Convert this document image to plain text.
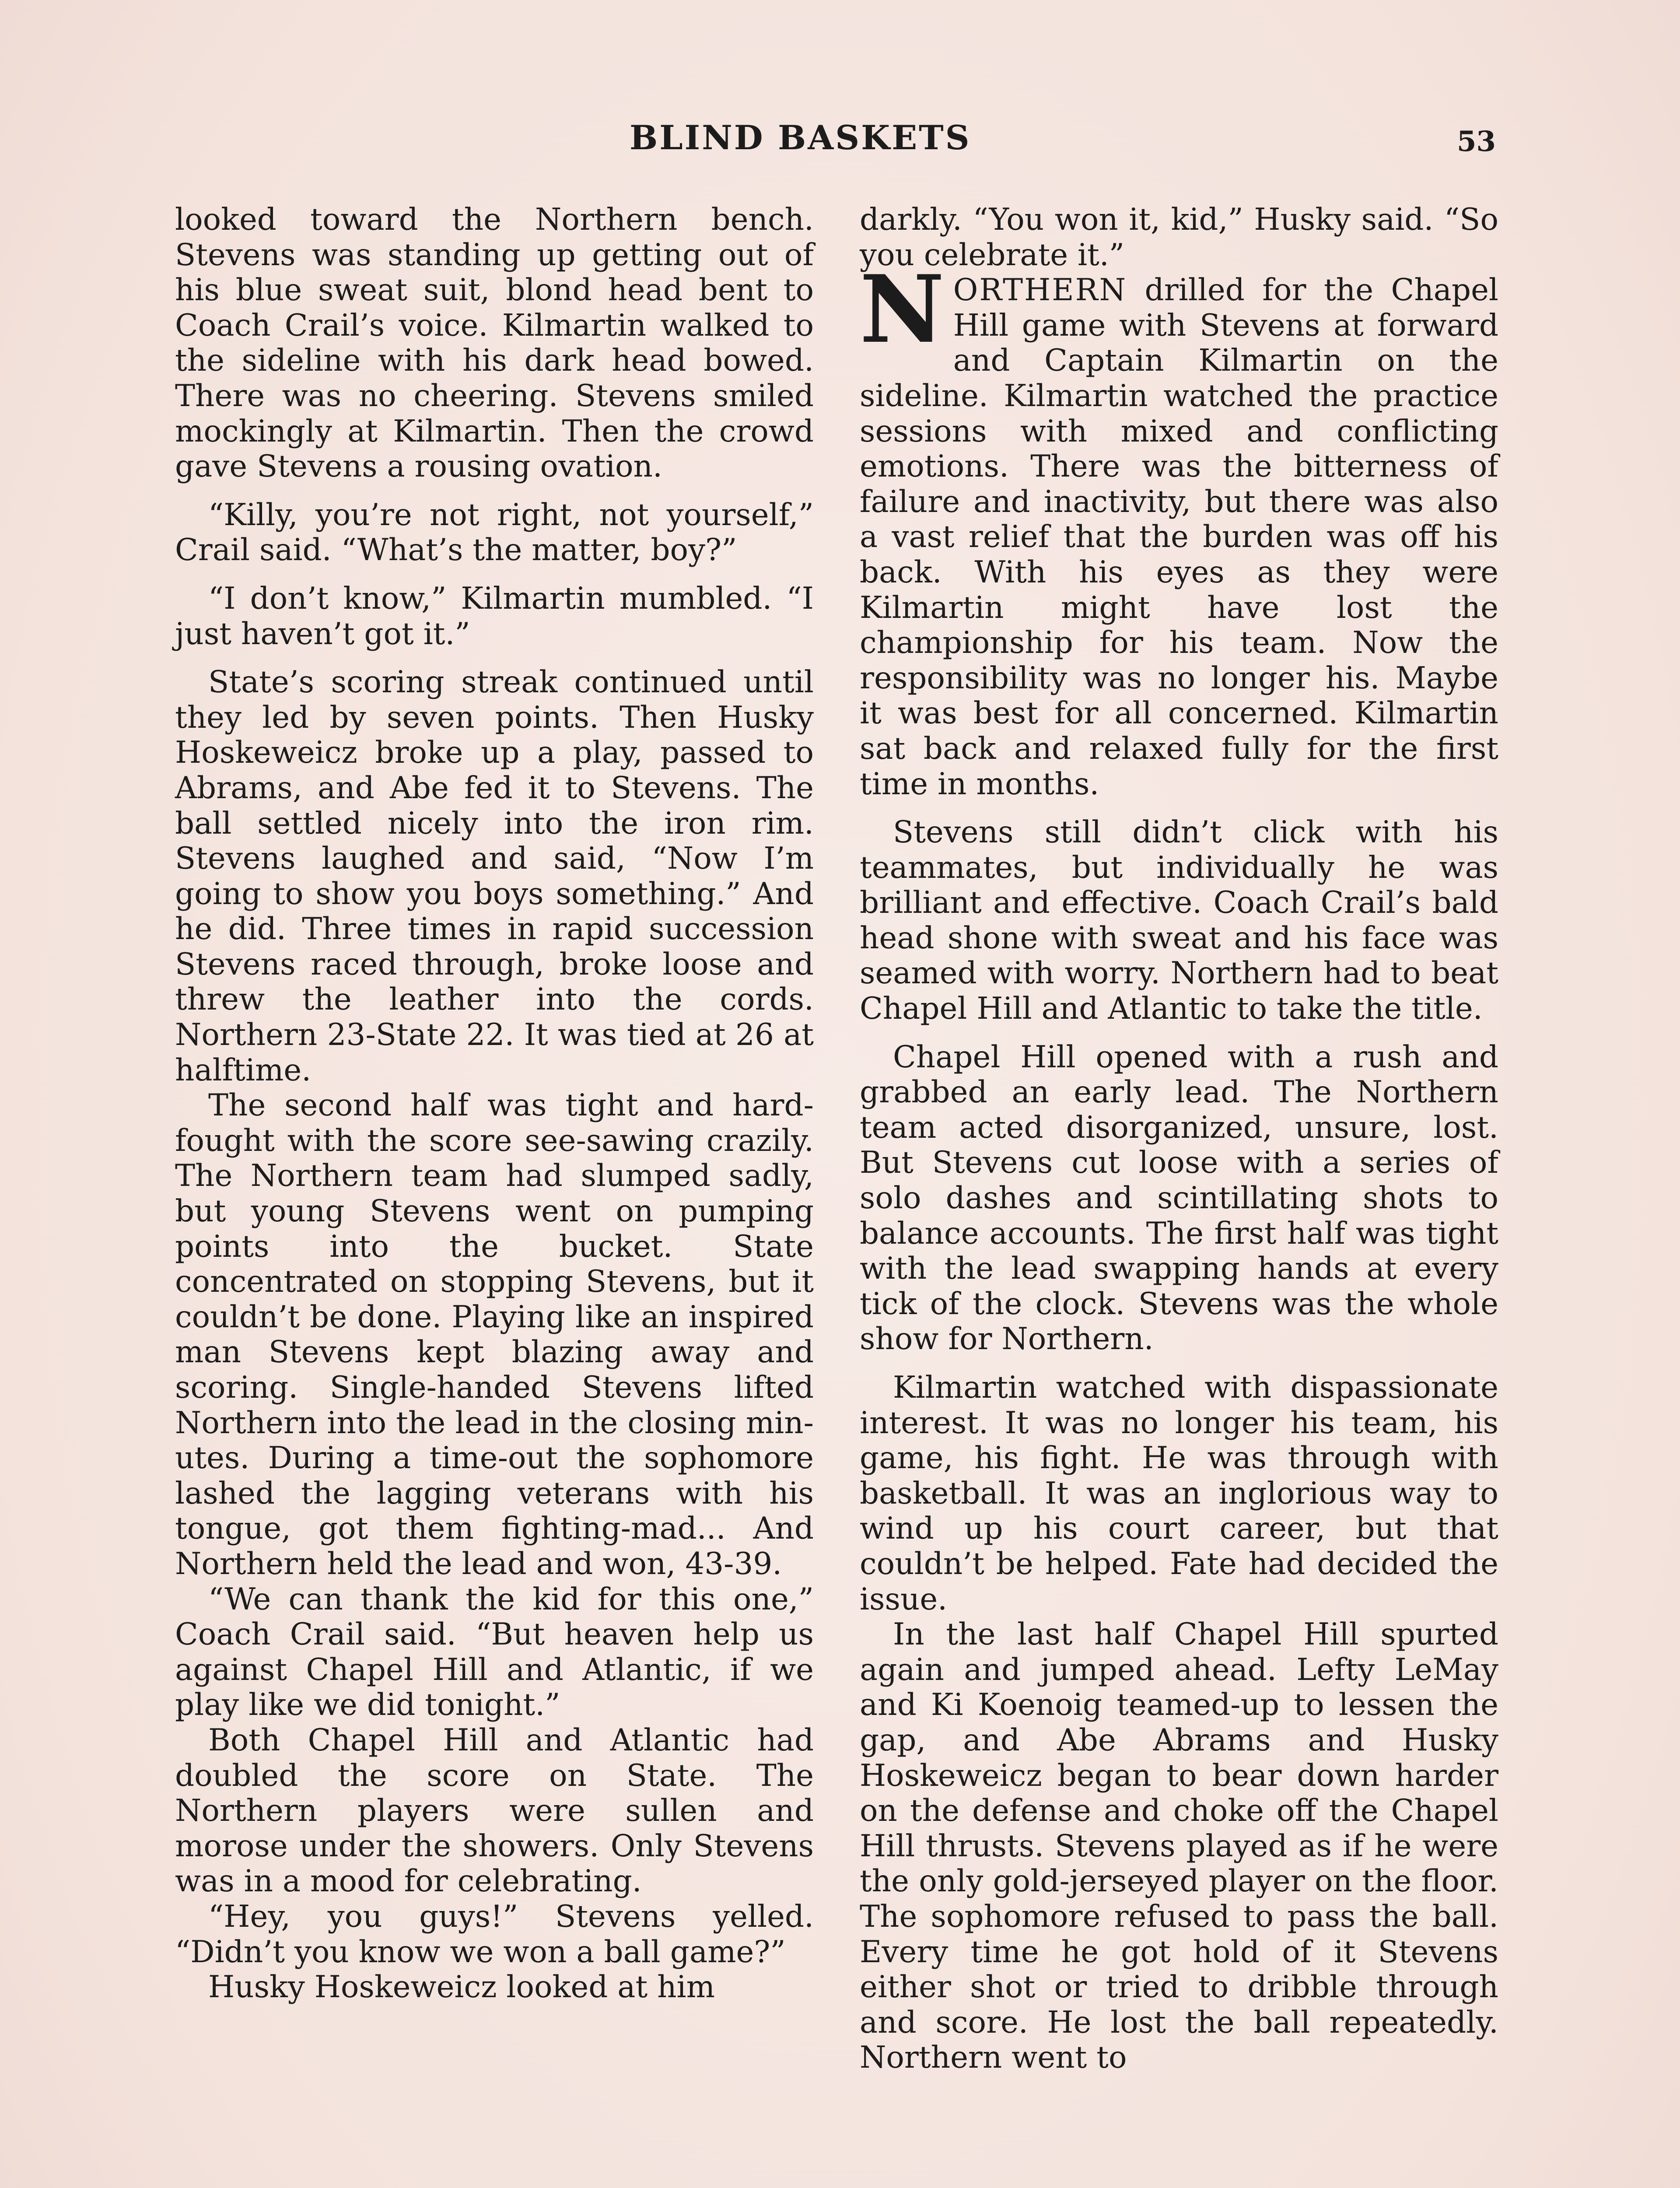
BLIND BASKETS	53

looked toward the Northern bench. Stevens was standing up getting out of his blue sweat suit, blond head bent to Coach Crail’s voice. Kilmartin walked to the sideline with his dark head bowed. There was no cheering. Stevens smiled mockingly at Kilmartin. Then the crowd gave Stevens a rousing ovation.

“Killy, you’re not right, not yourself,” Crail said. “What’s the matter, boy?”

“I don’t know,” Kilmartin mumbled. “I just haven’t got it.”

State’s scoring streak continued until they led by seven points. Then Husky Hoskeweicz broke up a play, passed to Abrams, and Abe fed it to Stevens. The ball settled nicely into the iron rim. Stevens laughed and said, “Now I’m going to show you boys something.” And he did. Three times in rapid succession Stevens raced through, broke loose and threw the leather into the cords. Northern 23-State 22. It was tied at 26 at halftime.

The second half was tight and hard-fought with the score see-sawing crazily. The Northern team had slumped sadly, but young Stevens went on pumping points into the bucket. State concentrated on stopping Stevens, but it couldn’t be done. Playing like an inspired man Stevens kept blazing away and scoring. Single-handed Stevens lifted Northern into the lead in the closing minutes. During a time-out the sophomore lashed the lagging veterans with his tongue, got them fighting-mad... And Northern held the lead and won, 43-39.

“We can thank the kid for this one,” Coach Crail said. “But heaven help us against Chapel Hill and Atlantic, if we play like we did tonight.”

Both Chapel Hill and Atlantic had doubled the score on State. The Northern players were sullen and morose under the showers. Only Stevens was in a mood for celebrating.

“Hey, you guys!” Stevens yelled. “Didn’t you know we won a ball game?”

Husky Hoskeweicz looked at him

darkly. “You won it, kid,” Husky said. “So you celebrate it.”

NORTHERN drilled for the Chapel Hill game with Stevens at forward and Captain Kilmartin on the sideline. Kilmartin watched the practice sessions with mixed and conflicting emotions. There was the bitterness of failure and inactivity, but there was also a vast relief that the burden was off his back. With his eyes as they were Kilmartin might have lost the championship for his team. Now the responsibility was no longer his. Maybe it was best for all concerned. Kilmartin sat back and relaxed fully for the first time in months.

Stevens still didn’t click with his teammates, but individually he was brilliant and effective. Coach Crail’s bald head shone with sweat and his face was seamed with worry. Northern had to beat Chapel Hill and Atlantic to take the title.

Chapel Hill opened with a rush and grabbed an early lead. The Northern team acted disorganized, unsure, lost. But Stevens cut loose with a series of solo dashes and scintillating shots to balance accounts. The first half was tight with the lead swapping hands at every tick of the clock. Stevens was the whole show for Northern.

Kilmartin watched with dispassionate interest. It was no longer his team, his game, his fight. He was through with basketball. It was an inglorious way to wind up his court career, but that couldn’t be helped. Fate had decided the issue.

In the last half Chapel Hill spurted again and jumped ahead. Lefty LeMay and Ki Koenoig teamed-up to lessen the gap, and Abe Abrams and Husky Hoskeweicz began to bear down harder on the defense and choke off the Chapel Hill thrusts. Stevens played as if he were the only gold-jerseyed player on the floor. The sophomore refused to pass the ball. Every time he got hold of it Stevens either shot or tried to dribble through and score. He lost the ball repeatedly. Northern went to
